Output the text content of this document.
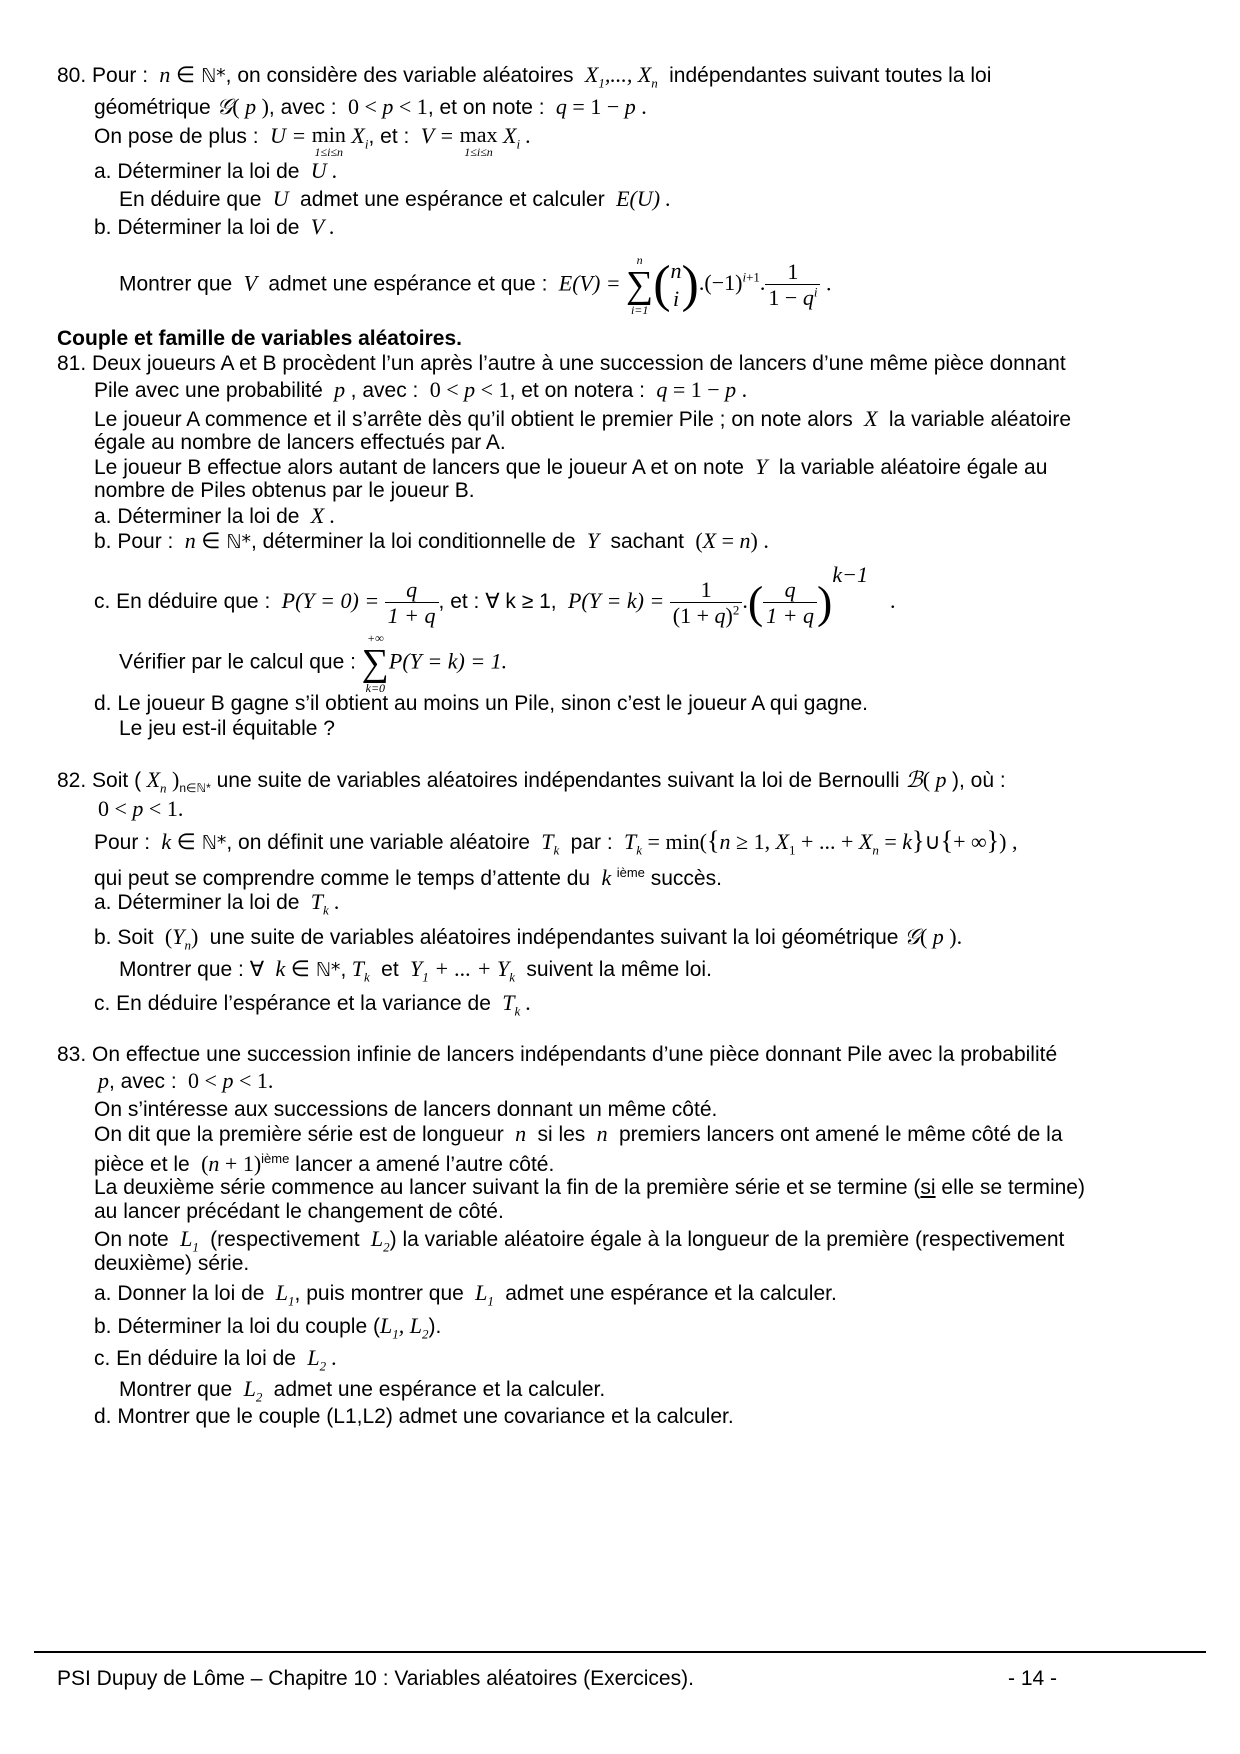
80. Pour :  n ∈ ℕ*, on considère des variable aléatoires  $X_1$,..., $X_n$ indépendantes suivant toutes la loi
géométrique 𝒢( p ), avec :  0 < p < 1, et on note : q = 1 − p .
On pose de plus :  U = min
1≤i≤n
$X_i$, et :  V = max
1≤i≤n
$X_i$ .
a. Déterminer la loi de  U .
En déduire que  U  admet une espérance et calculer  E(U) .
b. Déterminer la loi de  V .
Montrer que  V  admet une espérance et que :  E(V) =
n
∑
i=1 ( n
i )$.(-1)^{i+1}$. $\frac{1}{1 - q^i}$ .
Couple et famille de variables aléatoires.
81. Deux joueurs A et B procèdent l’un après l’autre à une succession de lancers d’une même pièce donnant
Pile avec une probabilité  p , avec :  0 < p < 1, et on notera : q = 1 − p .
Le joueur A commence et il s’arrête dès qu’il obtient le premier Pile ; on note alors  X  la variable aléatoire
égale au nombre de lancers effectués par A.
Le joueur B effectue alors autant de lancers que le joueur A et on note  Y  la variable aléatoire égale au
nombre de Piles obtenus par le joueur B.
a. Déterminer la loi de  X .
b. Pour :  n ∈ ℕ*, déterminer la loi conditionnelle de  Y  sachant  (X = n) .
c. En déduire que :  $P(Y = 0) = \frac{q}{1 + q}$ , et : ∀ k ≥ 1,  $P(Y = k) = \frac{1}{(1 + q)^2}$ .( $\frac{q}{1 + q} )^{k-1}$    .
Vérifier par le calcul que :
+∞
∑
k=0
P(Y = k) = 1.
d. Le joueur B gagne s’il obtient au moins un Pile, sinon c’est le joueur A qui gagne.
Le jeu est-il équitable ?
82. Soit ( $X_n$ )$_{n\in ℕ*}$ une suite de variables aléatoires indépendantes suivant la loi de Bernoulli ℬ( p ), où :
0 < p < 1.
Pour :  k ∈ ℕ*, on définit une variable aléatoire  $T_k$ par : $T_k = \min(\{n \ge 1$, $X_1$ + ... + $X_n$ = k}∪{+ ∞}) ,
qui peut se comprendre comme le temps d’attente du  k $^{ième}$ succès.
a. Déterminer la loi de  $T_k$ .
b. Soit  $(Y_n)$  une suite de variables aléatoires indépendantes suivant la loi géométrique 𝒢( p ).
Montrer que : ∀  k ∈ ℕ*, $T_k$ et  $Y_1$ + ... + $Y_k$ suivent la même loi.
c. En déduire l’espérance et la variance de  $T_k$ .
83. On effectue une succession infinie de lancers indépendants d’une pièce donnant Pile avec la probabilité
p, avec :  0 < p < 1.
On s’intéresse aux successions de lancers donnant un même côté.
On dit que la première série est de longueur  n  si les  n  premiers lancers ont amené le même côté de la
pièce et le  $(n + 1)^{ième}$ lancer a amené l’autre côté.
La deuxième série commence au lancer suivant la fin de la première série et se termine (si elle se termine)
au lancer précédant le changement de côté.
On note  $L_1$ (respectivement  $L_2$) la variable aléatoire égale à la longueur de la première (respectivement
deuxième) série.
a. Donner la loi de  $L_1$, puis montrer que  $L_1$ admet une espérance et la calculer.
b. Déterminer la loi du couple ($L_1$, $L_2$).
c. En déduire la loi de  $L_2$ .
Montrer que  $L_2$ admet une espérance et la calculer.
d. Montrer que le couple (L1,L2) admet une covariance et la calculer.
PSI Dupuy de Lôme – Chapitre 10 : Variables aléatoires (Exercices).	- 14 -
